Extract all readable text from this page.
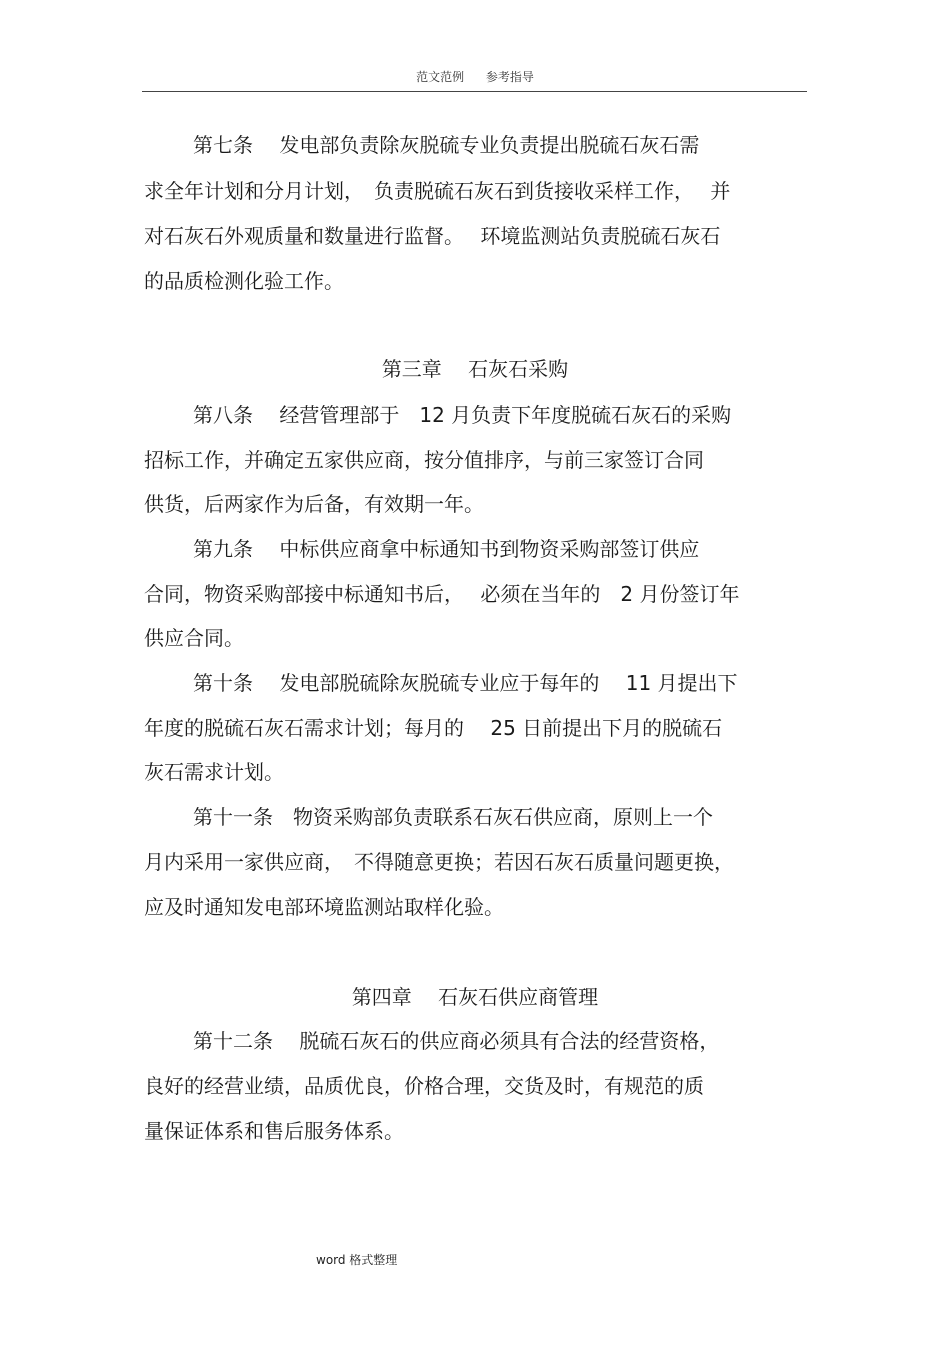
范文范例 参考指导
第七条　 发电部负责除灰脱硫专业负责提出脱硫石灰石需
求全年计划和分月计划，　负责脱硫石灰石到货接收采样工作，　 并
对石灰石外观质量和数量进行监督。　 环境监测站负责脱硫石灰石
的品质检测化验工作。
第三章　 石灰石采购
第八条　 经营管理部于　12 月负责下年度脱硫石灰石的采购
招标工作，并确定五家供应商，按分值排序，与前三家签订合同
供货，后两家作为后备，有效期一年。
第九条　 中标供应商拿中标通知书到物资采购部签订供应
合同，物资采购部接中标通知书后，　 必须在当年的　2 月份签订年
供应合同。
第十条　 发电部脱硫除灰脱硫专业应于每年的　 11 月提出下
年度的脱硫石灰石需求计划；每月的　 25 日前提出下月的脱硫石
灰石需求计划。
第十一条　物资采购部负责联系石灰石供应商，原则上一个
月内采用一家供应商，　不得随意更换；若因石灰石质量问题更换，
应及时通知发电部环境监测站取样化验。
第四章　 石灰石供应商管理
第十二条　 脱硫石灰石的供应商必须具有合法的经营资格，
良好的经营业绩，品质优良，价格合理，交货及时，有规范的质
量保证体系和售后服务体系。
word 格式整理
